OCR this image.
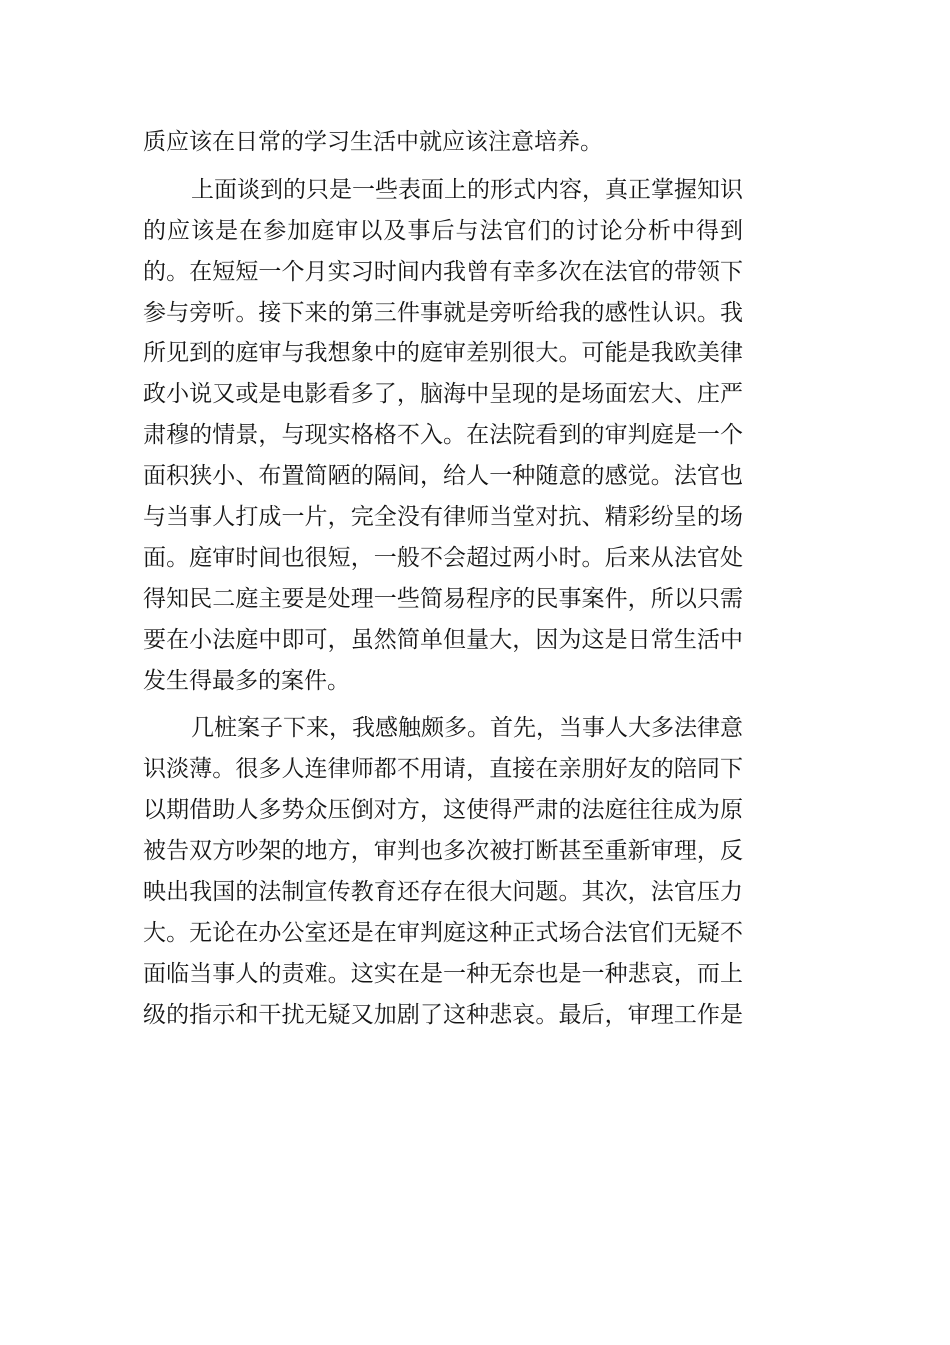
质应该在日常的学习生活中就应该注意培养。
上面谈到的只是一些表面上的形式内容，真正掌握知识
的应该是在参加庭审以及事后与法官们的讨论分析中得到
的。在短短一个月实习时间内我曾有幸多次在法官的带领下
参与旁听。接下来的第三件事就是旁听给我的感性认识。我
所见到的庭审与我想象中的庭审差别很大。可能是我欧美律
政小说又或是电影看多了，脑海中呈现的是场面宏大、庄严
肃穆的情景，与现实格格不入。在法院看到的审判庭是一个
面积狭小、布置简陋的隔间，给人一种随意的感觉。法官也
与当事人打成一片，完全没有律师当堂对抗、精彩纷呈的场
面。庭审时间也很短，一般不会超过两小时。后来从法官处
得知民二庭主要是处理一些简易程序的民事案件，所以只需
要在小法庭中即可，虽然简单但量大，因为这是日常生活中
发生得最多的案件。
几桩案子下来，我感触颇多。首先，当事人大多法律意
识淡薄。很多人连律师都不用请，直接在亲朋好友的陪同下
以期借助人多势众压倒对方，这使得严肃的法庭往往成为原
被告双方吵架的地方，审判也多次被打断甚至重新审理，反
映出我国的法制宣传教育还存在很大问题。其次，法官压力
大。无论在办公室还是在审判庭这种正式场合法官们无疑不
面临当事人的责难。这实在是一种无奈也是一种悲哀，而上
级的指示和干扰无疑又加剧了这种悲哀。最后，审理工作是
